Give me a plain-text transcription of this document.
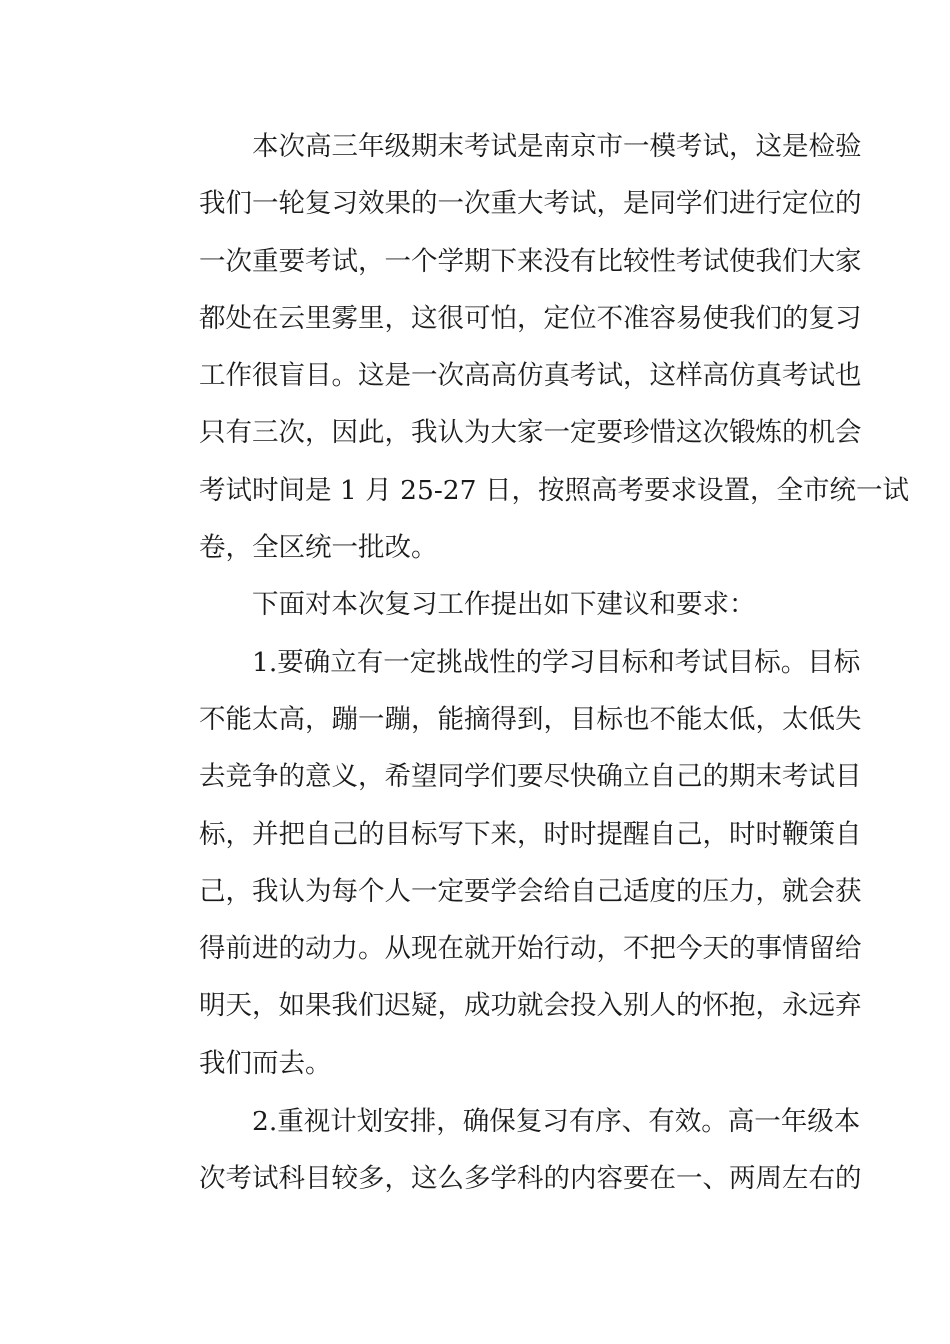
本次高三年级期末考试是南京市一模考试，这是检验
我们一轮复习效果的一次重大考试，是同学们进行定位的
一次重要考试，一个学期下来没有比较性考试使我们大家
都处在云里雾里，这很可怕，定位不准容易使我们的复习
工作很盲目。这是一次高高仿真考试，这样高仿真考试也
只有三次，因此，我认为大家一定要珍惜这次锻炼的机会
考试时间是 1 月 25-27 日，按照高考要求设置，全市统一试
卷，全区统一批改。
下面对本次复习工作提出如下建议和要求：
1.要确立有一定挑战性的学习目标和考试目标。目标
不能太高，蹦一蹦，能摘得到，目标也不能太低，太低失
去竞争的意义，希望同学们要尽快确立自己的期末考试目
标，并把自己的目标写下来，时时提醒自己，时时鞭策自
己，我认为每个人一定要学会给自己适度的压力，就会获
得前进的动力。从现在就开始行动，不把今天的事情留给
明天，如果我们迟疑，成功就会投入别人的怀抱，永远弃
我们而去。
2.重视计划安排，确保复习有序、有效。高一年级本
次考试科目较多，这么多学科的内容要在一、两周左右的
